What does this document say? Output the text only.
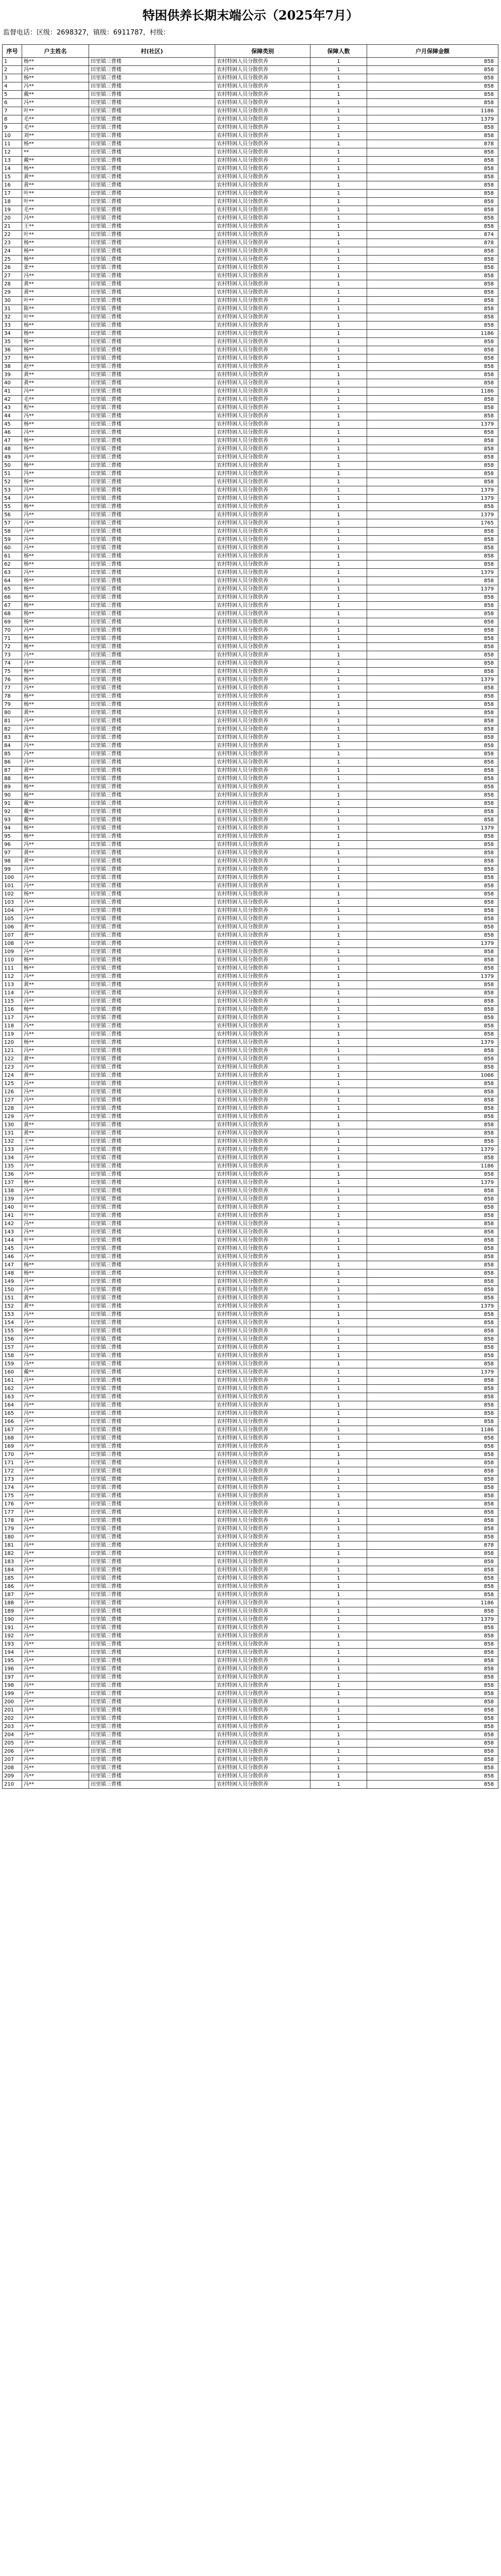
特困供养长期末端公示（2025年7月）
监督电话：区级：2698327，镇级：6911787，村级：
序号	户主姓名	村(社区)	保障类别	保障人数	户月保障金额
1	杨**	田里镇三曹楼	农村特困人员分散供养	1	858
2	冯**	田里镇三曹楼	农村特困人员分散供养	1	858
3	杨**	田里镇三曹楼	农村特困人员分散供养	1	858
4	冯**	田里镇三曹楼	农村特困人员分散供养	1	858
5	戴**	田里镇三曹楼	农村特困人员分散供养	1	858
6	冯**	田里镇三曹楼	农村特困人员分散供养	1	858
7	叶**	田里镇三曹楼	农村特困人员分散供养	1	1186
8	毛**	田里镇三曹楼	农村特困人员分散供养	1	1379
9	毛**	田里镇三曹楼	农村特困人员分散供养	1	858
10	刘**	田里镇三曹楼	农村特困人员分散供养	1	858
11	杨**	田里镇三曹楼	农村特困人员分散供养	1	878
12	**	田里镇三曹楼	农村特困人员分散供养	1	858
13	戴**	田里镇三曹楼	农村特困人员分散供养	1	858
14	杨**	田里镇三曹楼	农村特困人员分散供养	1	858
15	黄**	田里镇三曹楼	农村特困人员分散供养	1	858
16	黄**	田里镇三曹楼	农村特困人员分散供养	1	858
17	叶**	田里镇三曹楼	农村特困人员分散供养	1	858
18	叶**	田里镇三曹楼	农村特困人员分散供养	1	858
19	毛**	田里镇三曹楼	农村特困人员分散供养	1	858
20	冯**	田里镇三曹楼	农村特困人员分散供养	1	858
21	王**	田里镇三曹楼	农村特困人员分散供养	1	858
22	叶**	田里镇三曹楼	农村特困人员分散供养	1	874
23	杨**	田里镇三曹楼	农村特困人员分散供养	1	878
24	杨**	田里镇三曹楼	农村特困人员分散供养	1	858
25	杨**	田里镇三曹楼	农村特困人员分散供养	1	858
26	张**	田里镇三曹楼	农村特困人员分散供养	1	858
27	冯**	田里镇三曹楼	农村特困人员分散供养	1	858
28	黄**	田里镇三曹楼	农村特困人员分散供养	1	858
29	黄**	田里镇三曹楼	农村特困人员分散供养	1	858
30	叶**	田里镇三曹楼	农村特困人员分散供养	1	858
31	陈**	田里镇三曹楼	农村特困人员分散供养	1	858
32	叶**	田里镇三曹楼	农村特困人员分散供养	1	858
33	杨**	田里镇三曹楼	农村特困人员分散供养	1	858
34	杨**	田里镇三曹楼	农村特困人员分散供养	1	1186
35	杨**	田里镇三曹楼	农村特困人员分散供养	1	858
36	杨**	田里镇三曹楼	农村特困人员分散供养	1	858
37	杨**	田里镇三曹楼	农村特困人员分散供养	1	858
38	赵**	田里镇三曹楼	农村特困人员分散供养	1	858
39	黄**	田里镇三曹楼	农村特困人员分散供养	1	858
40	黄**	田里镇三曹楼	农村特困人员分散供养	1	858
41	冯**	田里镇三曹楼	农村特困人员分散供养	1	1186
42	毛**	田里镇三曹楼	农村特困人员分散供养	1	858
43	程**	田里镇三曹楼	农村特困人员分散供养	1	858
44	冯**	田里镇三曹楼	农村特困人员分散供养	1	858
45	杨**	田里镇三曹楼	农村特困人员分散供养	1	1379
46	冯**	田里镇三曹楼	农村特困人员分散供养	1	858
47	杨**	田里镇三曹楼	农村特困人员分散供养	1	858
48	杨**	田里镇三曹楼	农村特困人员分散供养	1	858
49	冯**	田里镇三曹楼	农村特困人员分散供养	1	858
50	杨**	田里镇三曹楼	农村特困人员分散供养	1	858
51	冯**	田里镇三曹楼	农村特困人员分散供养	1	858
52	杨**	田里镇三曹楼	农村特困人员分散供养	1	858
53	冯**	田里镇三曹楼	农村特困人员分散供养	1	1379
54	冯**	田里镇三曹楼	农村特困人员分散供养	1	1379
55	杨**	田里镇三曹楼	农村特困人员分散供养	1	858
56	冯**	田里镇三曹楼	农村特困人员分散供养	1	1379
57	冯**	田里镇三曹楼	农村特困人员分散供养	1	1765
58	冯**	田里镇三曹楼	农村特困人员分散供养	1	858
59	冯**	田里镇三曹楼	农村特困人员分散供养	1	858
60	冯**	田里镇三曹楼	农村特困人员分散供养	1	858
61	杨**	田里镇三曹楼	农村特困人员分散供养	1	858
62	杨**	田里镇三曹楼	农村特困人员分散供养	1	858
63	冯**	田里镇三曹楼	农村特困人员分散供养	1	1379
64	杨**	田里镇三曹楼	农村特困人员分散供养	1	858
65	杨**	田里镇三曹楼	农村特困人员分散供养	1	1379
66	杨**	田里镇三曹楼	农村特困人员分散供养	1	858
67	杨**	田里镇三曹楼	农村特困人员分散供养	1	858
68	杨**	田里镇三曹楼	农村特困人员分散供养	1	858
69	杨**	田里镇三曹楼	农村特困人员分散供养	1	858
70	冯**	田里镇三曹楼	农村特困人员分散供养	1	858
71	杨**	田里镇三曹楼	农村特困人员分散供养	1	858
72	杨**	田里镇三曹楼	农村特困人员分散供养	1	858
73	冯**	田里镇三曹楼	农村特困人员分散供养	1	858
74	冯**	田里镇三曹楼	农村特困人员分散供养	1	858
75	杨**	田里镇三曹楼	农村特困人员分散供养	1	858
76	杨**	田里镇三曹楼	农村特困人员分散供养	1	1379
77	冯**	田里镇三曹楼	农村特困人员分散供养	1	858
78	杨**	田里镇三曹楼	农村特困人员分散供养	1	858
79	杨**	田里镇三曹楼	农村特困人员分散供养	1	858
80	黄**	田里镇三曹楼	农村特困人员分散供养	1	858
81	冯**	田里镇三曹楼	农村特困人员分散供养	1	858
82	冯**	田里镇三曹楼	农村特困人员分散供养	1	858
83	黄**	田里镇三曹楼	农村特困人员分散供养	1	858
84	冯**	田里镇三曹楼	农村特困人员分散供养	1	858
85	冯**	田里镇三曹楼	农村特困人员分散供养	1	858
86	冯**	田里镇三曹楼	农村特困人员分散供养	1	858
87	黄**	田里镇三曹楼	农村特困人员分散供养	1	858
88	杨**	田里镇三曹楼	农村特困人员分散供养	1	858
89	杨**	田里镇三曹楼	农村特困人员分散供养	1	858
90	杨**	田里镇三曹楼	农村特困人员分散供养	1	858
91	戴**	田里镇三曹楼	农村特困人员分散供养	1	858
92	戴**	田里镇三曹楼	农村特困人员分散供养	1	858
93	戴**	田里镇三曹楼	农村特困人员分散供养	1	858
94	杨**	田里镇三曹楼	农村特困人员分散供养	1	1379
95	杨**	田里镇三曹楼	农村特困人员分散供养	1	858
96	冯**	田里镇三曹楼	农村特困人员分散供养	1	858
97	黄**	田里镇三曹楼	农村特困人员分散供养	1	858
98	黄**	田里镇三曹楼	农村特困人员分散供养	1	858
99	冯**	田里镇三曹楼	农村特困人员分散供养	1	858
100	冯**	田里镇三曹楼	农村特困人员分散供养	1	858
101	冯**	田里镇三曹楼	农村特困人员分散供养	1	858
102	杨**	田里镇三曹楼	农村特困人员分散供养	1	858
103	冯**	田里镇三曹楼	农村特困人员分散供养	1	858
104	冯**	田里镇三曹楼	农村特困人员分散供养	1	858
105	冯**	田里镇三曹楼	农村特困人员分散供养	1	858
106	黄**	田里镇三曹楼	农村特困人员分散供养	1	858
107	黄**	田里镇三曹楼	农村特困人员分散供养	1	858
108	冯**	田里镇三曹楼	农村特困人员分散供养	1	1379
109	冯**	田里镇三曹楼	农村特困人员分散供养	1	858
110	杨**	田里镇三曹楼	农村特困人员分散供养	1	858
111	杨**	田里镇三曹楼	农村特困人员分散供养	1	858
112	冯**	田里镇三曹楼	农村特困人员分散供养	1	1379
113	黄**	田里镇三曹楼	农村特困人员分散供养	1	858
114	冯**	田里镇三曹楼	农村特困人员分散供养	1	858
115	冯**	田里镇三曹楼	农村特困人员分散供养	1	858
116	杨**	田里镇三曹楼	农村特困人员分散供养	1	858
117	冯**	田里镇三曹楼	农村特困人员分散供养	1	858
118	冯**	田里镇三曹楼	农村特困人员分散供养	1	858
119	冯**	田里镇三曹楼	农村特困人员分散供养	1	858
120	杨**	田里镇三曹楼	农村特困人员分散供养	1	1379
121	冯**	田里镇三曹楼	农村特困人员分散供养	1	858
122	黄**	田里镇三曹楼	农村特困人员分散供养	1	858
123	冯**	田里镇三曹楼	农村特困人员分散供养	1	858
124	黄**	田里镇三曹楼	农村特困人员分散供养	1	1066
125	冯**	田里镇三曹楼	农村特困人员分散供养	1	858
126	冯**	田里镇三曹楼	农村特困人员分散供养	1	858
127	冯**	田里镇三曹楼	农村特困人员分散供养	1	858
128	冯**	田里镇三曹楼	农村特困人员分散供养	1	858
129	冯**	田里镇三曹楼	农村特困人员分散供养	1	858
130	黄**	田里镇三曹楼	农村特困人员分散供养	1	858
131	黄**	田里镇三曹楼	农村特困人员分散供养	1	858
132	王**	田里镇三曹楼	农村特困人员分散供养	1	858
133	冯**	田里镇三曹楼	农村特困人员分散供养	1	1379
134	冯**	田里镇三曹楼	农村特困人员分散供养	1	858
135	冯**	田里镇三曹楼	农村特困人员分散供养	1	1186
136	冯**	田里镇三曹楼	农村特困人员分散供养	1	858
137	杨**	田里镇三曹楼	农村特困人员分散供养	1	1379
138	冯**	田里镇三曹楼	农村特困人员分散供养	1	858
139	冯**	田里镇三曹楼	农村特困人员分散供养	1	858
140	叶**	田里镇三曹楼	农村特困人员分散供养	1	858
141	叶**	田里镇三曹楼	农村特困人员分散供养	1	858
142	冯**	田里镇三曹楼	农村特困人员分散供养	1	858
143	冯**	田里镇三曹楼	农村特困人员分散供养	1	858
144	叶**	田里镇三曹楼	农村特困人员分散供养	1	858
145	冯**	田里镇三曹楼	农村特困人员分散供养	1	858
146	冯**	田里镇三曹楼	农村特困人员分散供养	1	858
147	杨**	田里镇三曹楼	农村特困人员分散供养	1	858
148	杨**	田里镇三曹楼	农村特困人员分散供养	1	858
149	冯**	田里镇三曹楼	农村特困人员分散供养	1	858
150	冯**	田里镇三曹楼	农村特困人员分散供养	1	858
151	黄**	田里镇三曹楼	农村特困人员分散供养	1	858
152	黄**	田里镇三曹楼	农村特困人员分散供养	1	1379
153	冯**	田里镇三曹楼	农村特困人员分散供养	1	858
154	冯**	田里镇三曹楼	农村特困人员分散供养	1	858
155	杨**	田里镇三曹楼	农村特困人员分散供养	1	858
156	冯**	田里镇三曹楼	农村特困人员分散供养	1	858
157	冯**	田里镇三曹楼	农村特困人员分散供养	1	858
158	冯**	田里镇三曹楼	农村特困人员分散供养	1	858
159	冯**	田里镇三曹楼	农村特困人员分散供养	1	858
160	戴**	田里镇三曹楼	农村特困人员分散供养	1	1379
161	冯**	田里镇三曹楼	农村特困人员分散供养	1	858
162	冯**	田里镇三曹楼	农村特困人员分散供养	1	858
163	冯**	田里镇三曹楼	农村特困人员分散供养	1	858
164	冯**	田里镇三曹楼	农村特困人员分散供养	1	858
165	冯**	田里镇三曹楼	农村特困人员分散供养	1	858
166	冯**	田里镇三曹楼	农村特困人员分散供养	1	858
167	冯**	田里镇三曹楼	农村特困人员分散供养	1	1186
168	冯**	田里镇三曹楼	农村特困人员分散供养	1	858
169	冯**	田里镇三曹楼	农村特困人员分散供养	1	858
170	冯**	田里镇三曹楼	农村特困人员分散供养	1	858
171	冯**	田里镇三曹楼	农村特困人员分散供养	1	858
172	冯**	田里镇三曹楼	农村特困人员分散供养	1	858
173	冯**	田里镇三曹楼	农村特困人员分散供养	1	858
174	冯**	田里镇三曹楼	农村特困人员分散供养	1	858
175	冯**	田里镇三曹楼	农村特困人员分散供养	1	858
176	冯**	田里镇三曹楼	农村特困人员分散供养	1	858
177	冯**	田里镇三曹楼	农村特困人员分散供养	1	858
178	冯**	田里镇三曹楼	农村特困人员分散供养	1	858
179	冯**	田里镇三曹楼	农村特困人员分散供养	1	858
180	冯**	田里镇三曹楼	农村特困人员分散供养	1	858
181	冯**	田里镇三曹楼	农村特困人员分散供养	1	878
182	冯**	田里镇三曹楼	农村特困人员分散供养	1	858
183	冯**	田里镇三曹楼	农村特困人员分散供养	1	858
184	冯**	田里镇三曹楼	农村特困人员分散供养	1	858
185	冯**	田里镇三曹楼	农村特困人员分散供养	1	858
186	冯**	田里镇三曹楼	农村特困人员分散供养	1	858
187	冯**	田里镇三曹楼	农村特困人员分散供养	1	858
188	冯**	田里镇三曹楼	农村特困人员分散供养	1	1186
189	冯**	田里镇三曹楼	农村特困人员分散供养	1	858
190	冯**	田里镇三曹楼	农村特困人员分散供养	1	1379
191	冯**	田里镇三曹楼	农村特困人员分散供养	1	858
192	冯**	田里镇三曹楼	农村特困人员分散供养	1	858
193	冯**	田里镇三曹楼	农村特困人员分散供养	1	858
194	冯**	田里镇三曹楼	农村特困人员分散供养	1	858
195	冯**	田里镇三曹楼	农村特困人员分散供养	1	858
196	冯**	田里镇三曹楼	农村特困人员分散供养	1	858
197	冯**	田里镇三曹楼	农村特困人员分散供养	1	858
198	冯**	田里镇三曹楼	农村特困人员分散供养	1	858
199	冯**	田里镇三曹楼	农村特困人员分散供养	1	858
200	冯**	田里镇三曹楼	农村特困人员分散供养	1	858
201	冯**	田里镇三曹楼	农村特困人员分散供养	1	858
202	冯**	田里镇三曹楼	农村特困人员分散供养	1	858
203	冯**	田里镇三曹楼	农村特困人员分散供养	1	858
204	冯**	田里镇三曹楼	农村特困人员分散供养	1	858
205	冯**	田里镇三曹楼	农村特困人员分散供养	1	858
206	冯**	田里镇三曹楼	农村特困人员分散供养	1	858
207	冯**	田里镇三曹楼	农村特困人员分散供养	1	858
208	冯**	田里镇三曹楼	农村特困人员分散供养	1	858
209	冯**	田里镇三曹楼	农村特困人员分散供养	1	858
210	冯**	田里镇三曹楼	农村特困人员分散供养	1	858
